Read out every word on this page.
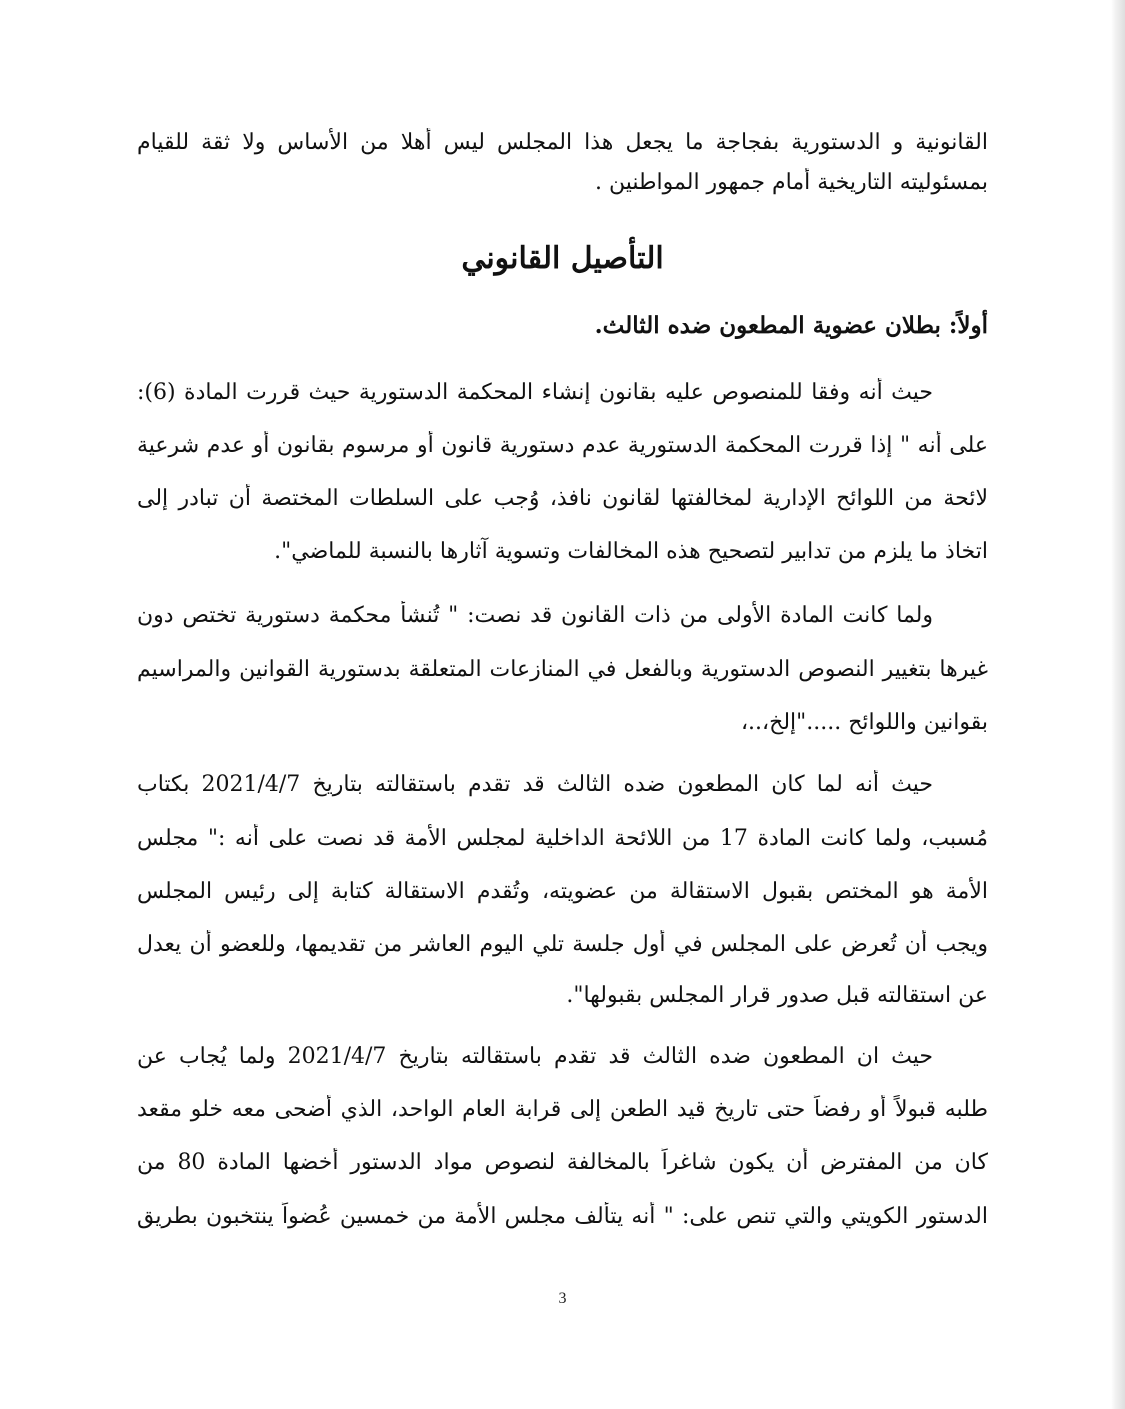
القانونية و الدستورية بفجاجة ما يجعل هذا المجلس ليس أهلا من الأساس ولا ثقة للقيام
بمسئوليته التاريخية أمام جمهور المواطنين .
التأصيل القانوني
أولاً: بطلان عضوية المطعون ضده الثالث.
حيث أنه وفقا للمنصوص عليه بقانون إنشاء المحكمة الدستورية حيث قررت المادة (6):
على أنه " إذا قررت المحكمة الدستورية عدم دستورية قانون أو مرسوم بقانون أو عدم شرعية
لائحة من اللوائح الإدارية لمخالفتها لقانون نافذ، وُجب على السلطات المختصة أن تبادر إلى
اتخاذ ما يلزم من تدابير لتصحيح هذه المخالفات وتسوية آثارها بالنسبة للماضي".
ولما كانت المادة الأولى من ذات القانون قد نصت: " تُنشأ محكمة دستورية تختص دون
غيرها بتغيير النصوص الدستورية وبالفعل في المنازعات المتعلقة بدستورية القوانين والمراسيم
بقوانين واللوائح ....."إلخ،..،
حيث أنه لما كان المطعون ضده الثالث قد تقدم باستقالته بتاريخ 2021/4/7 بكتاب
مُسبب، ولما كانت المادة 17 من اللائحة الداخلية لمجلس الأمة قد نصت على أنه :" مجلس
الأمة هو المختص بقبول الاستقالة من عضويته، وتُقدم الاستقالة كتابة إلى رئيس المجلس
ويجب أن تُعرض على المجلس في أول جلسة تلي اليوم العاشر من تقديمها، وللعضو أن يعدل
عن استقالته قبل صدور قرار المجلس بقبولها".
حيث ان المطعون ضده الثالث قد تقدم باستقالته بتاريخ 2021/4/7 ولما يُجاب عن
طلبه قبولاً أو رفضاً حتى تاريخ قيد الطعن إلى قرابة العام الواحد، الذي أضحى معه خلو مقعد
كان من المفترض أن يكون شاغراً بالمخالفة لنصوص مواد الدستور أخضها المادة 80 من
الدستور الكويتي والتي تنص على: " أنه يتألف مجلس الأمة من خمسين عُضواً ينتخبون بطريق
3
